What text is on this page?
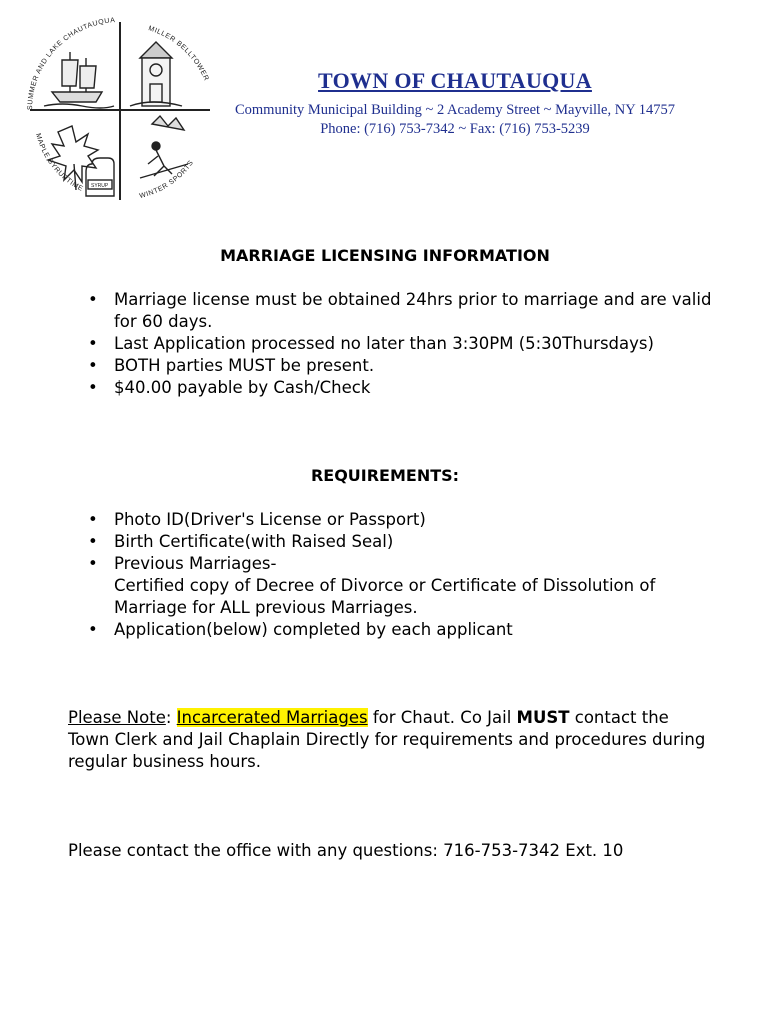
SUMMER AND LAKE CHAUTAUQUA
MILLER BELLTOWER
MAPLE SYRUPTIME
WINTER SPORTS
SYRUP
TOWN OF CHAUTAUQUA
Community Municipal Building ~ 2 Academy Street ~ Mayville, NY 14757
Phone: (716) 753-7342 ~ Fax: (716) 753-5239
MARRIAGE LICENSING INFORMATION
• Marriage license must be obtained 24hrs prior to marriage and are valid for 60 days.
• Last Application processed no later than 3:30PM (5:30Thursdays)
• BOTH parties MUST be present.
• $40.00 payable by Cash/Check
REQUIREMENTS:
• Photo ID(Driver's License or Passport)
• Birth Certificate(with Raised Seal)
• Previous Marriages-
Certified copy of Decree of Divorce or Certificate of Dissolution of Marriage for ALL previous Marriages.
• Application(below) completed by each applicant
Please Note: Incarcerated Marriages for Chaut. Co Jail MUST contact the Town Clerk and Jail Chaplain Directly for requirements and procedures during regular business hours.
Please contact the office with any questions: 716-753-7342 Ext. 10
